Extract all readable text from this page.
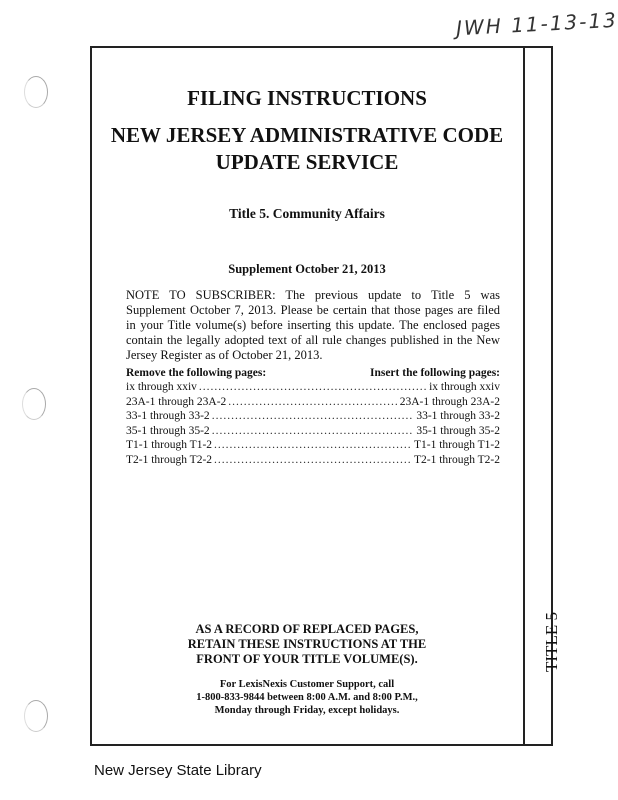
JWH 11-13-13
TITLE 5
FILING INSTRUCTIONS
NEW JERSEY ADMINISTRATIVE CODE
UPDATE SERVICE
Title 5. Community Affairs
Supplement October 21, 2013
NOTE TO SUBSCRIBER: The previous update to Title 5 was Supplement October 7, 2013. Please be certain that those pages are filed in your Title volume(s) before inserting this update. The enclosed pages contain the legally adopted text of all rule changes published in the New Jersey Register as of October 21, 2013.
Remove the following pages:	Insert the following pages:
ix through xxiv .....	ix through xxiv
23A-1 through 23A-2 .....	23A-1 through 23A-2
33-1 through 33-2 .....	33-1 through 33-2
35-1 through 35-2 .....	35-1 through 35-2
T1-1 through T1-2 .....	T1-1 through T1-2
T2-1 through T2-2 .....	T2-1 through T2-2
AS A RECORD OF REPLACED PAGES,
RETAIN THESE INSTRUCTIONS AT THE
FRONT OF YOUR TITLE VOLUME(S).
For LexisNexis Customer Support, call
1-800-833-9844 between 8:00 A.M. and 8:00 P.M.,
Monday through Friday, except holidays.
New Jersey State Library
